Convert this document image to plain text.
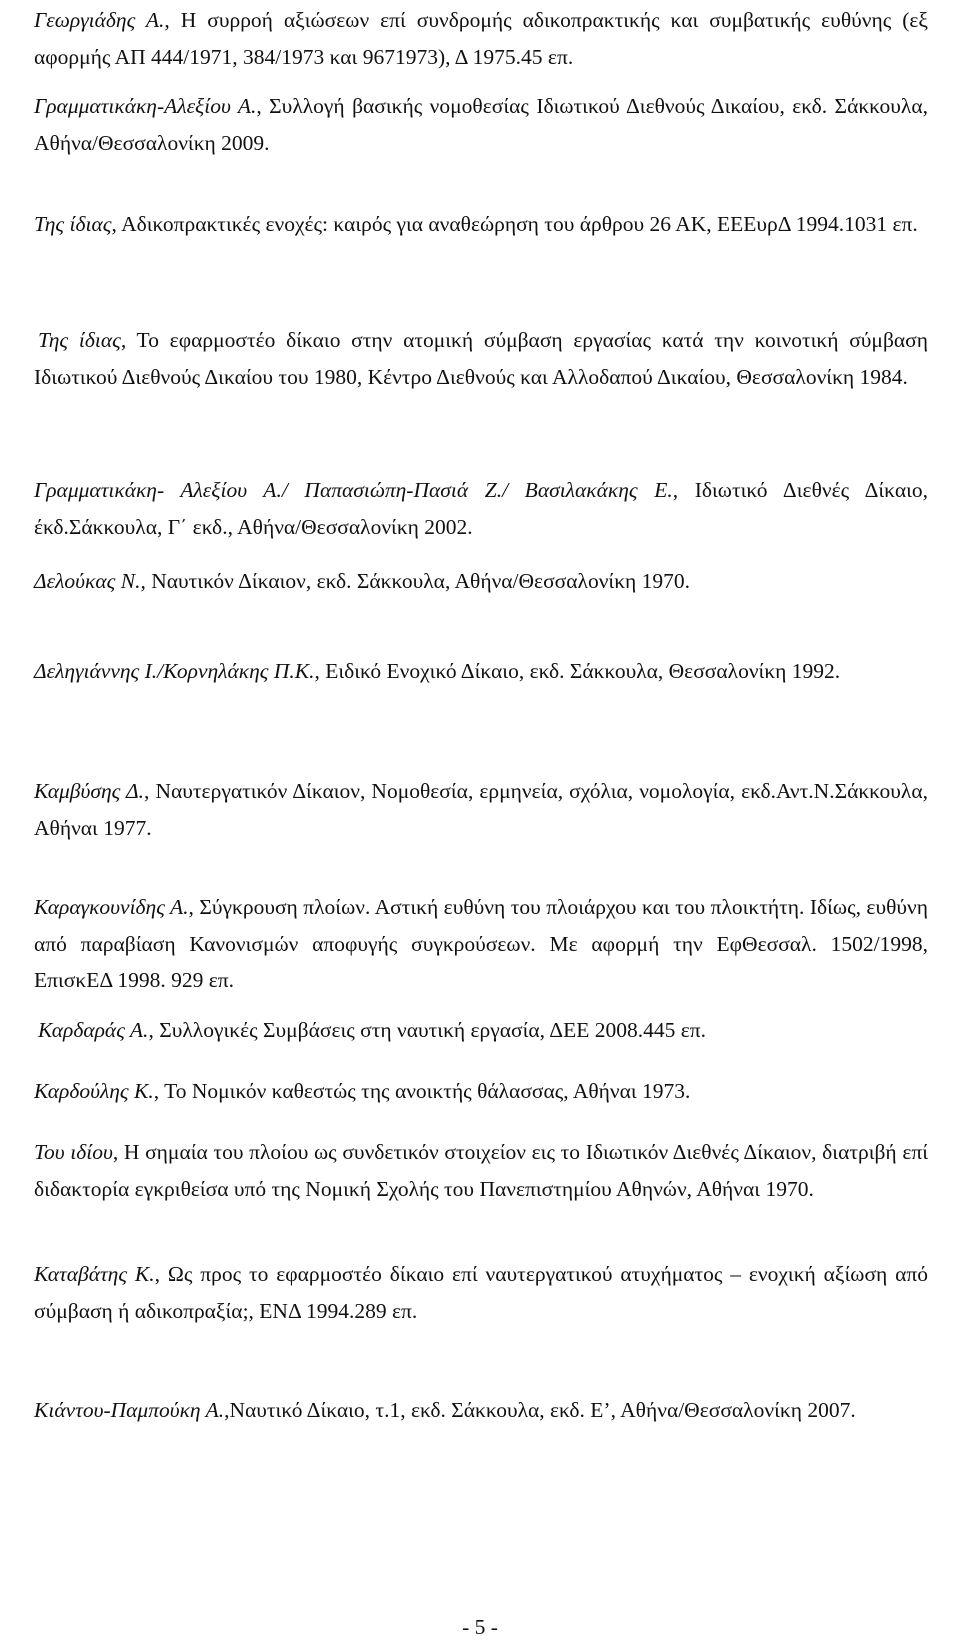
Γεωργιάδης Α., Η συρροή αξιώσεων επί συνδρομής αδικοπρακτικής και συμβατικής ευθύνης (εξ αφορμής ΑΠ 444/1971, 384/1973 και 9671973), Δ 1975.45 επ.
Γραμματικάκη-Αλεξίου Α., Συλλογή βασικής νομοθεσίας Ιδιωτικού Διεθνούς Δικαίου, εκδ. Σάκκουλα, Αθήνα/Θεσσαλονίκη 2009.
Της ίδιας, Αδικοπρακτικές ενοχές: καιρός για αναθεώρηση του άρθρου 26 ΑΚ, ΕΕΕυρΔ 1994.1031 επ.
Της ίδιας, Το εφαρμοστέο δίκαιο στην ατομική σύμβαση εργασίας κατά την κοινοτική σύμβαση Ιδιωτικού Διεθνούς Δικαίου του 1980, Κέντρο Διεθνούς και Αλλοδαπού Δικαίου, Θεσσαλονίκη 1984.
Γραμματικάκη- Αλεξίου Α./ Παπασιώπη-Πασιά Ζ./ Βασιλακάκης Ε., Ιδιωτικό Διεθνές Δίκαιο, έκδ.Σάκκουλα, Γ΄ εκδ., Αθήνα/Θεσσαλονίκη 2002.
Δελούκας Ν., Ναυτικόν Δίκαιον, εκδ. Σάκκουλα, Αθήνα/Θεσσαλονίκη 1970.
Δεληγιάννης Ι./Κορνηλάκης Π.Κ., Ειδικό Ενοχικό Δίκαιο, εκδ. Σάκκουλα, Θεσσαλονίκη 1992.
Καμβύσης Δ., Ναυτεργατικόν Δίκαιον, Νομοθεσία, ερμηνεία, σχόλια, νομολογία, εκδ.Αντ.Ν.Σάκκουλα, Αθήναι 1977.
Καραγκουνίδης Α., Σύγκρουση πλοίων. Αστική ευθύνη του πλοιάρχου και του πλοικτήτη. Ιδίως, ευθύνη από παραβίαση Κανονισμών αποφυγής συγκρούσεων. Με αφορμή την ΕφΘεσσαλ. 1502/1998, ΕπισκΕΔ 1998. 929 επ.
Καρδαράς Α., Συλλογικές Συμβάσεις στη ναυτική εργασία, ΔΕΕ 2008.445 επ.
Καρδούλης Κ., Το Νομικόν καθεστώς της ανοικτής θάλασσας, Αθήναι 1973.
Του ιδίου, Η σημαία του πλοίου ως συνδετικόν στοιχείον εις το Ιδιωτικόν Διεθνές Δίκαιον, διατριβή επί διδακτορία εγκριθείσα υπό της Νομική Σχολής του Πανεπιστημίου Αθηνών, Αθήναι 1970.
Καταβάτης Κ., Ως προς το εφαρμοστέο δίκαιο επί ναυτεργατικού ατυχήματος – ενοχική αξίωση από σύμβαση ή αδικοπραξία;, ΕΝΔ 1994.289 επ.
Κιάντου-Παμπούκη Α.,Ναυτικό Δίκαιο, τ.1, εκδ. Σάκκουλα, εκδ. Ε’, Αθήνα/Θεσσαλονίκη 2007.
- 5 -
